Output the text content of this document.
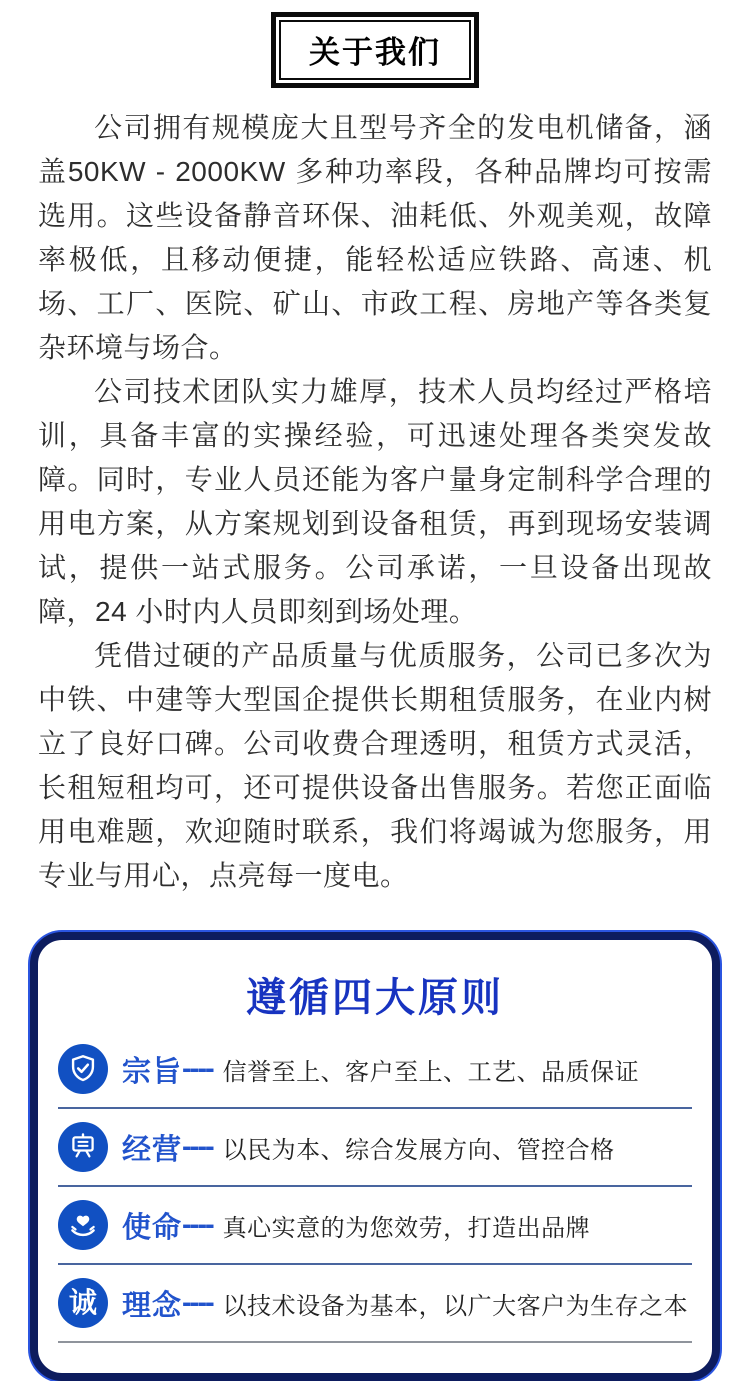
关于我们

公司拥有规模庞大且型号齐全的发电机储备，涵盖50KW - 2000KW 多种功率段，各种品牌均可按需选用。这些设备静音环保、油耗低、外观美观，故障率极低，且移动便捷，能轻松适应铁路、高速、机场、工厂、医院、矿山、市政工程、房地产等各类复杂环境与场合。

公司技术团队实力雄厚，技术人员均经过严格培训，具备丰富的实操经验，可迅速处理各类突发故障。同时，专业人员还能为客户量身定制科学合理的用电方案，从方案规划到设备租赁，再到现场安装调试，提供一站式服务。公司承诺，一旦设备出现故障，24 小时内人员即刻到场处理。

凭借过硬的产品质量与优质服务，公司已多次为中铁、中建等大型国企提供长期租赁服务，在业内树立了良好口碑。公司收费合理透明，租赁方式灵活，长租短租均可，还可提供设备出售服务。若您正面临用电难题，欢迎随时联系，我们将竭诚为您服务，用专业与用心，点亮每一度电。

遵循四大原则
宗旨 ---- 信誉至上、客户至上、工艺、品质保证
经营 ---- 以民为本、综合发展方向、管控合格
使命 ---- 真心实意的为您效劳，打造出品牌
诚 理念 ---- 以技术设备为基本，以广大客户为生存之本
